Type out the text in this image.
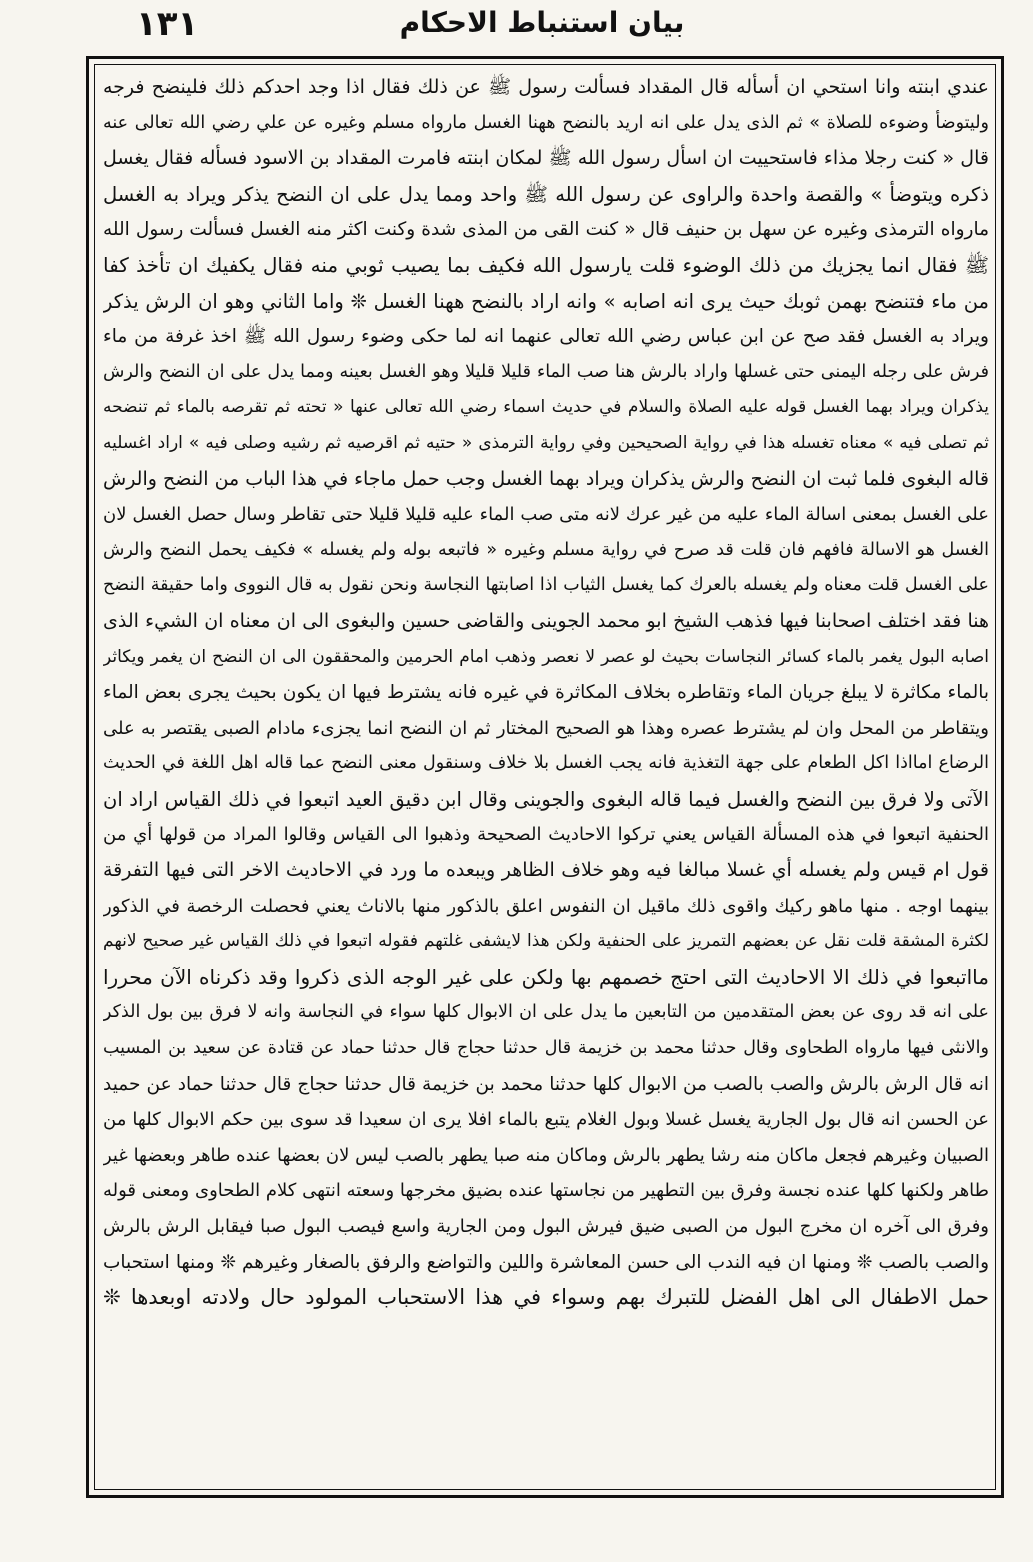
١٣١	بيان استنباط الاحكام
عندي ابنته وانا استحي ان أسأله قال المقداد فسألت رسول ﷺ عن ذلك فقال اذا وجد احدكم ذلك فلينضح فرجه
وليتوضأ وضوءه للصلاة » ثم الذى يدل على انه اريد بالنضح ههنا الغسل مارواه مسلم وغيره عن علي رضي الله تعالى عنه
قال « كنت رجلا مذاء فاستحييت ان اسأل رسول الله ﷺ لمكان ابنته فامرت المقداد بن الاسود فسأله فقال يغسل
ذكره ويتوضأ » والقصة واحدة والراوى عن رسول الله ﷺ واحد ومما يدل على ان النضح يذكر ويراد به الغسل
مارواه الترمذى وغيره عن سهل بن حنيف قال « كنت القى من المذى شدة وكنت اكثر منه الغسل فسألت رسول الله
ﷺ فقال انما يجزيك من ذلك الوضوء قلت يارسول الله فكيف بما يصيب ثوبي منه فقال يكفيك ان تأخذ كفا
من ماء فتنضح بهمن ثوبك حيث يرى انه اصابه » وانه اراد بالنضح ههنا الغسل ❊ واما الثاني وهو ان الرش يذكر
ويراد به الغسل فقد صح عن ابن عباس رضي الله تعالى عنهما انه لما حكى وضوء رسول الله ﷺ اخذ غرفة من ماء
فرش على رجله اليمنى حتى غسلها واراد بالرش هنا صب الماء قليلا قليلا وهو الغسل بعينه ومما يدل على ان النضح والرش
يذكران ويراد بهما الغسل قوله عليه الصلاة والسلام في حديث اسماء رضي الله تعالى عنها « تحته ثم تقرصه بالماء ثم تنضحه
ثم تصلى فيه » معناه تغسله هذا في رواية الصحيحين وفي رواية الترمذى « حتيه ثم اقرصيه ثم رشيه وصلى فيه » اراد اغسليه
قاله البغوى فلما ثبت ان النضح والرش يذكران ويراد بهما الغسل وجب حمل ماجاء في هذا الباب من النضح والرش
على الغسل بمعنى اسالة الماء عليه من غير عرك لانه متى صب الماء عليه قليلا قليلا حتى تقاطر وسال حصل الغسل لان
الغسل هو الاسالة فافهم فان قلت قد صرح في رواية مسلم وغيره « فاتبعه بوله ولم يغسله » فكيف يحمل النضح والرش
على الغسل قلت معناه ولم يغسله بالعرك كما يغسل الثياب اذا اصابتها النجاسة ونحن نقول به قال النووى واما حقيقة النضح
هنا فقد اختلف اصحابنا فيها فذهب الشيخ ابو محمد الجوينى والقاضى حسين والبغوى الى ان معناه ان الشيء الذى
اصابه البول يغمر بالماء كسائر النجاسات بحيث لو عصر لا نعصر وذهب امام الحرمين والمحققون الى ان النضح ان يغمر ويكاثر
بالماء مكاثرة لا يبلغ جريان الماء وتقاطره بخلاف المكاثرة في غيره فانه يشترط فيها ان يكون بحيث يجرى بعض الماء
ويتقاطر من المحل وان لم يشترط عصره وهذا هو الصحيح المختار ثم ان النضح انما يجزىء مادام الصبى يقتصر به على
الرضاع امااذا اكل الطعام على جهة التغذية فانه يجب الغسل بلا خلاف وسنقول معنى النضح عما قاله اهل اللغة في الحديث
الآتى ولا فرق بين النضح والغسل فيما قاله البغوى والجوينى وقال ابن دقيق العيد اتبعوا في ذلك القياس اراد ان
الحنفية اتبعوا في هذه المسألة القياس يعني تركوا الاحاديث الصحيحة وذهبوا الى القياس وقالوا المراد من قولها أي من
قول ام قيس ولم يغسله أي غسلا مبالغا فيه وهو خلاف الظاهر ويبعده ما ورد في الاحاديث الاخر التى فيها التفرقة
بينهما اوجه . منها ماهو ركيك واقوى ذلك ماقيل ان النفوس اعلق بالذكور منها بالاناث يعني فحصلت الرخصة في الذكور
لكثرة المشقة قلت نقل عن بعضهم التمريز على الحنفية ولكن هذا لايشفى غلتهم فقوله اتبعوا في ذلك القياس غير صحيح لانهم
مااتبعوا في ذلك الا الاحاديث التى احتج خصمهم بها ولكن على غير الوجه الذى ذكروا وقد ذكرناه الآن محررا
على انه قد روى عن بعض المتقدمين من التابعين ما يدل على ان الابوال كلها سواء في النجاسة وانه لا فرق بين بول الذكر
والانثى فيها مارواه الطحاوى وقال حدثنا محمد بن خزيمة قال حدثنا حجاج قال حدثنا حماد عن قتادة عن سعيد بن المسيب
انه قال الرش بالرش والصب بالصب من الابوال كلها حدثنا محمد بن خزيمة قال حدثنا حجاج قال حدثنا حماد عن حميد
عن الحسن انه قال بول الجارية يغسل غسلا وبول الغلام يتبع بالماء افلا يرى ان سعيدا قد سوى بين حكم الابوال كلها من
الصبيان وغيرهم فجعل ماكان منه رشا يطهر بالرش وماكان منه صبا يطهر بالصب ليس لان بعضها عنده طاهر وبعضها غير
طاهر ولكنها كلها عنده نجسة وفرق بين التطهير من نجاستها عنده بضيق مخرجها وسعته انتهى كلام الطحاوى ومعنى قوله
وفرق الى آخره ان مخرج البول من الصبى ضيق فيرش البول ومن الجارية واسع فيصب البول صبا فيقابل الرش بالرش
والصب بالصب ❊ ومنها ان فيه الندب الى حسن المعاشرة واللين والتواضع والرفق بالصغار وغيرهم ❊ ومنها استحباب
حمل الاطفال الى اهل الفضل للتبرك بهم وسواء في هذا الاستحباب المولود حال ولادته اوبعدها ❊
